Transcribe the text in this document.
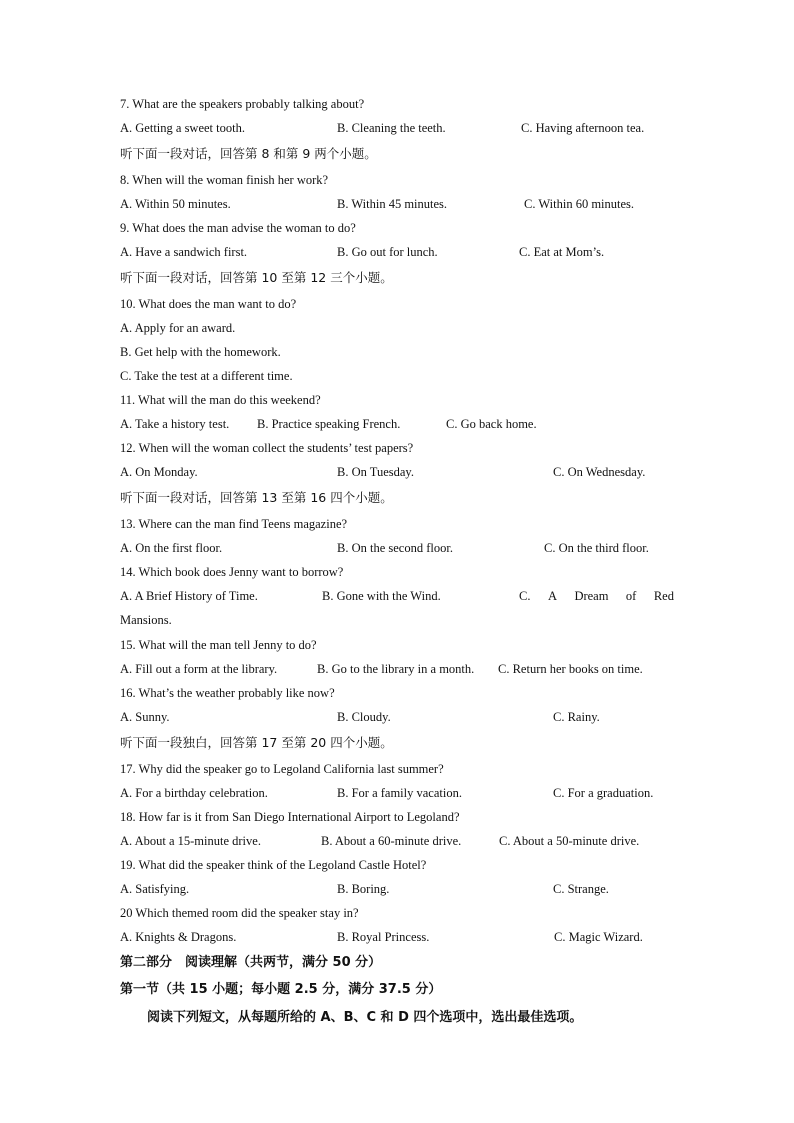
7. What are the speakers probably talking about?
A. Getting a sweet tooth.	B. Cleaning the teeth.	C. Having afternoon tea.
听下面一段对话，回答第 8 和第 9 两个小题。
8. When will the woman finish her work?
A. Within 50 minutes.	B. Within 45 minutes.	C. Within 60 minutes.
9. What does the man advise the woman to do?
A. Have a sandwich first.	B. Go out for lunch.	C. Eat at Mom’s.
听下面一段对话，回答第 10 至第 12 三个小题。
10. What does the man want to do?
A. Apply for an award.
B. Get help with the homework.
C. Take the test at a different time.
11. What will the man do this weekend?
A. Take a history test. B. Practice speaking French.	C. Go back home.
12. When will the woman collect the students’ test papers?
A. On Monday.	B. On Tuesday.	C. On Wednesday.
听下面一段对话，回答第 13 至第 16 四个小题。
13. Where can the man find Teens magazine?
A. On the first floor.	B. On the second floor.	C. On the third floor.
14. Which book does Jenny want to borrow?
A. A Brief History of Time.	B. Gone with the Wind.	C. A Dream of Red
Mansions.
15. What will the man tell Jenny to do?
A. Fill out a form at the library.	B. Go to the library in a month. C. Return her books on time.
16. What’s the weather probably like now?
A. Sunny.	B. Cloudy.	C. Rainy.
听下面一段独白，回答第 17 至第 20 四个小题。
17. Why did the speaker go to Legoland California last summer?
A. For a birthday celebration.	B. For a family vacation.	C. For a graduation.
18. How far is it from San Diego International Airport to Legoland?
A. About a 15-minute drive.	B. About a 60-minute drive.	C. About a 50-minute drive.
19. What did the speaker think of the Legoland Castle Hotel?
A. Satisfying.	B. Boring.	C. Strange.
20 Which themed room did the speaker stay in?
A. Knights & Dragons.	B. Royal Princess.	C. Magic Wizard.
第二部分　阅读理解（共两节，满分 50 分）
第一节（共 15 小题；每小题 2.5 分，满分 37.5 分）
阅读下列短文，从每题所给的 A、B、C 和 D 四个选项中，选出最佳选项。
